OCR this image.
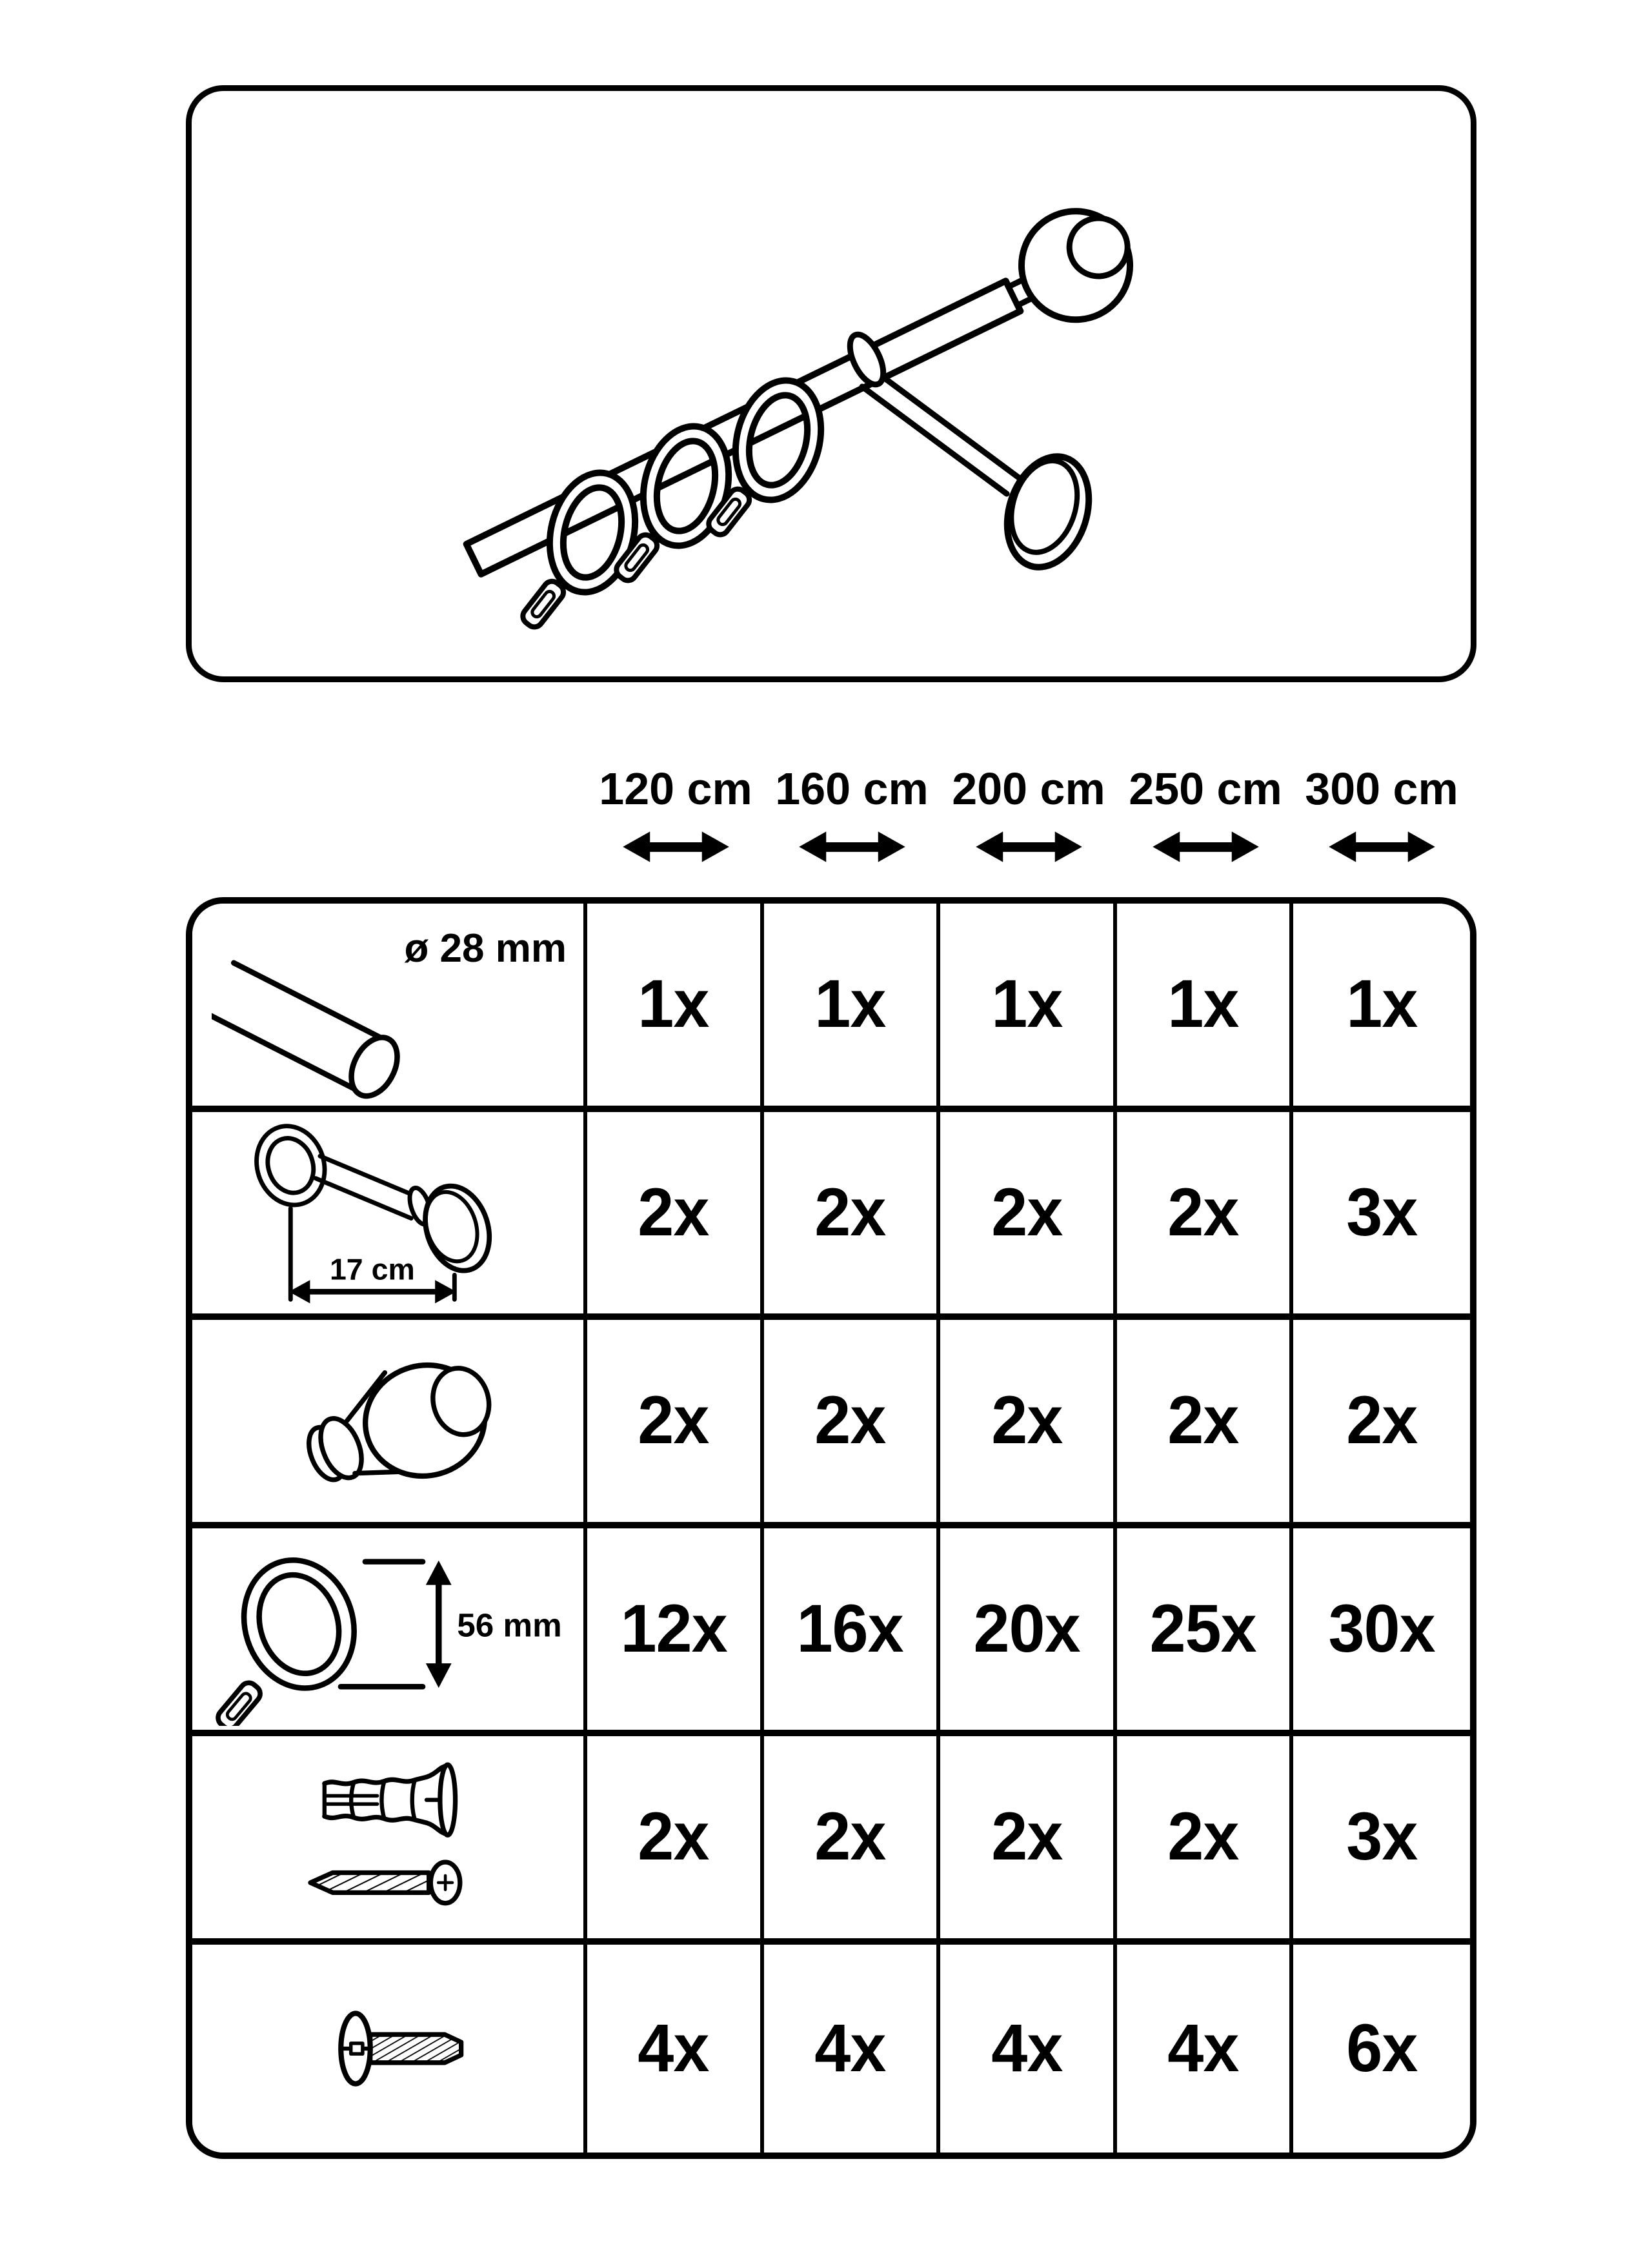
120 cm 160 cm 200 cm 250 cm 300 cm
ø 28 mm
1x 1x 1x 1x 1x
17 cm
2x 2x 2x 2x 3x
2x 2x 2x 2x 2x
56 mm 12x 16x 20x 25x 30x
2x 2x 2x 2x 3x
4x 4x 4x 4x 6x
